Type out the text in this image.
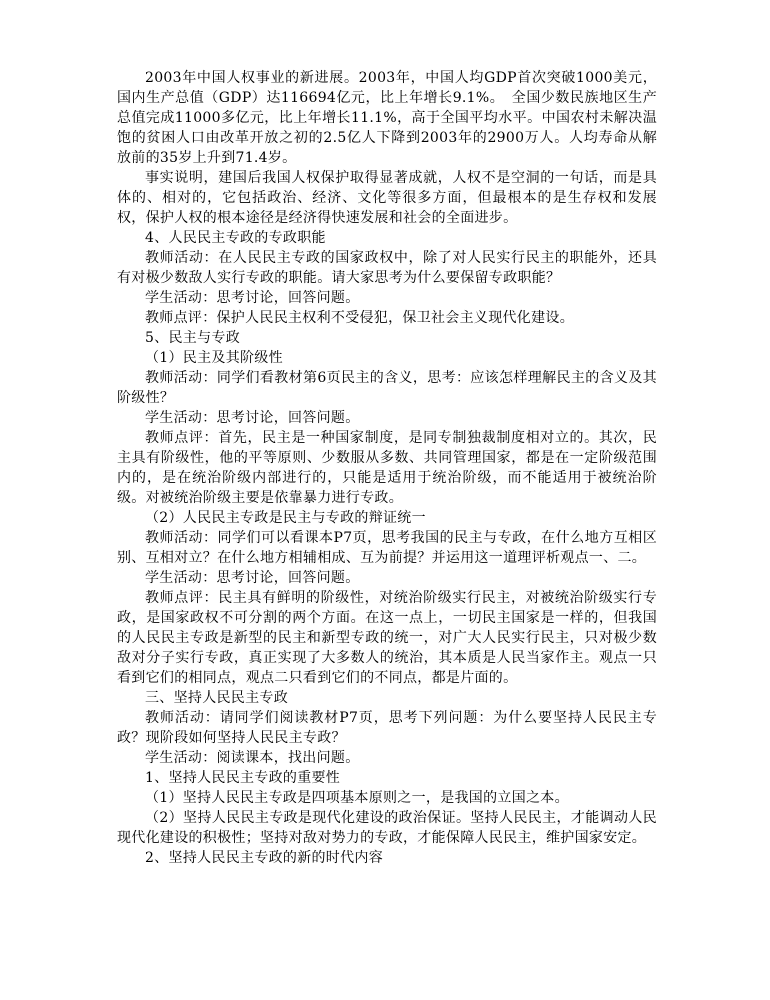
2003年中国人权事业的新进展。2003年，中国人均GDP首次突破1000美元，国内生产总值（GDP）达116694亿元，比上年增长9.1%。　全国少数民族地区生产总值完成11000多亿元，比上年增长11.1%，高于全国平均水平。中国农村未解决温饱的贫困人口由改革开放之初的2.5亿人下降到2003年的2900万人。人均寿命从解放前的35岁上升到71.4岁。

事实说明，建国后我国人权保护取得显著成就，人权不是空洞的一句话，而是具体的、相对的，它包括政治、经济、文化等很多方面，但最根本的是生存权和发展权，保护人权的根本途径是经济得快速发展和社会的全面进步。

4、人民民主专政的专政职能

教师活动：在人民民主专政的国家政权中，除了对人民实行民主的职能外，还具有对极少数敌人实行专政的职能。请大家思考为什么要保留专政职能？

学生活动：思考讨论，回答问题。

教师点评：保护人民民主权利不受侵犯，保卫社会主义现代化建设。

5、民主与专政

（1）民主及其阶级性

教师活动：同学们看教材第6页民主的含义，思考：应该怎样理解民主的含义及其阶级性？

学生活动：思考讨论，回答问题。

教师点评：首先，民主是一种国家制度，是同专制独裁制度相对立的。其次，民主具有阶级性，他的平等原则、少数服从多数、共同管理国家，都是在一定阶级范围内的，是在统治阶级内部进行的，只能是适用于统治阶级，而不能适用于被统治阶级。对被统治阶级主要是依靠暴力进行专政。

（2）人民民主专政是民主与专政的辩证统一

教师活动：同学们可以看课本P7页，思考我国的民主与专政，在什么地方互相区别、互相对立？在什么地方相辅相成、互为前提？并运用这一道理评析观点一、二。

学生活动：思考讨论，回答问题。

教师点评：民主具有鲜明的阶级性，对统治阶级实行民主，对被统治阶级实行专政，是国家政权不可分割的两个方面。在这一点上，一切民主国家是一样的，但我国的人民民主专政是新型的民主和新型专政的统一，对广大人民实行民主，只对极少数敌对分子实行专政，真正实现了大多数人的统治，其本质是人民当家作主。观点一只看到它们的相同点，观点二只看到它们的不同点，都是片面的。

三、坚持人民民主专政

教师活动：请同学们阅读教材P7页，思考下列问题：为什么要坚持人民民主专政？现阶段如何坚持人民民主专政？

学生活动：阅读课本，找出问题。

1、坚持人民民主专政的重要性

（1）坚持人民民主专政是四项基本原则之一，是我国的立国之本。

（2）坚持人民民主专政是现代化建设的政治保证。坚持人民民主，才能调动人民现代化建设的积极性；坚持对敌对势力的专政，才能保障人民民主，维护国家安定。

2、坚持人民民主专政的新的时代内容
